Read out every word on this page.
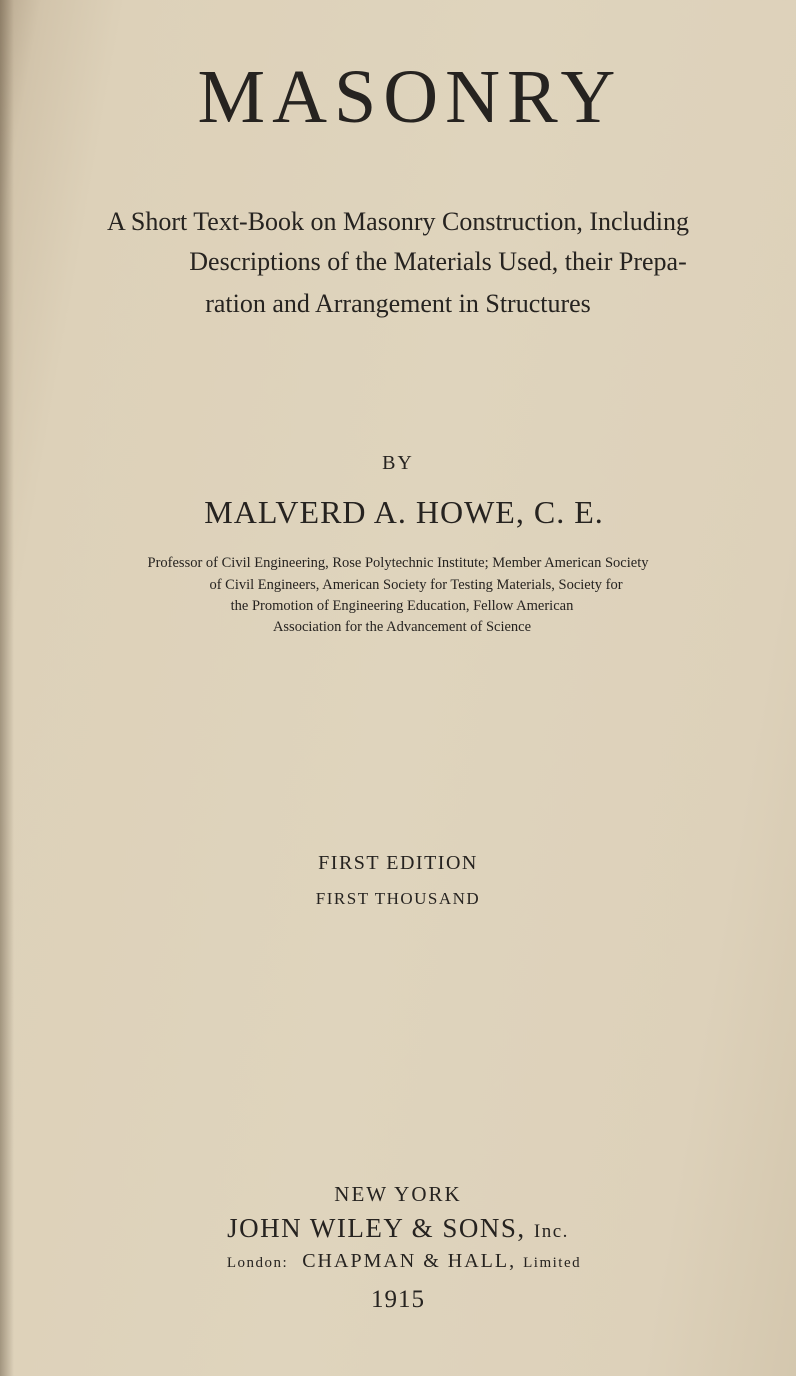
MASONRY

A Short Text-Book on Masonry Construction, Including

Descriptions of the Materials Used, their Prepa-

ration and Arrangement in Structures

BY

MALVERD A. HOWE, C. E.

Professor of Civil Engineering, Rose Polytechnic Institute; Member American Society

of Civil Engineers, American Society for Testing Materials, Society for

the Promotion of Engineering Education, Fellow American

Association for the Advancement of Science

FIRST EDITION

FIRST THOUSAND

NEW YORK

JOHN WILEY & SONS, Inc.

London: CHAPMAN & HALL, Limited

1915
